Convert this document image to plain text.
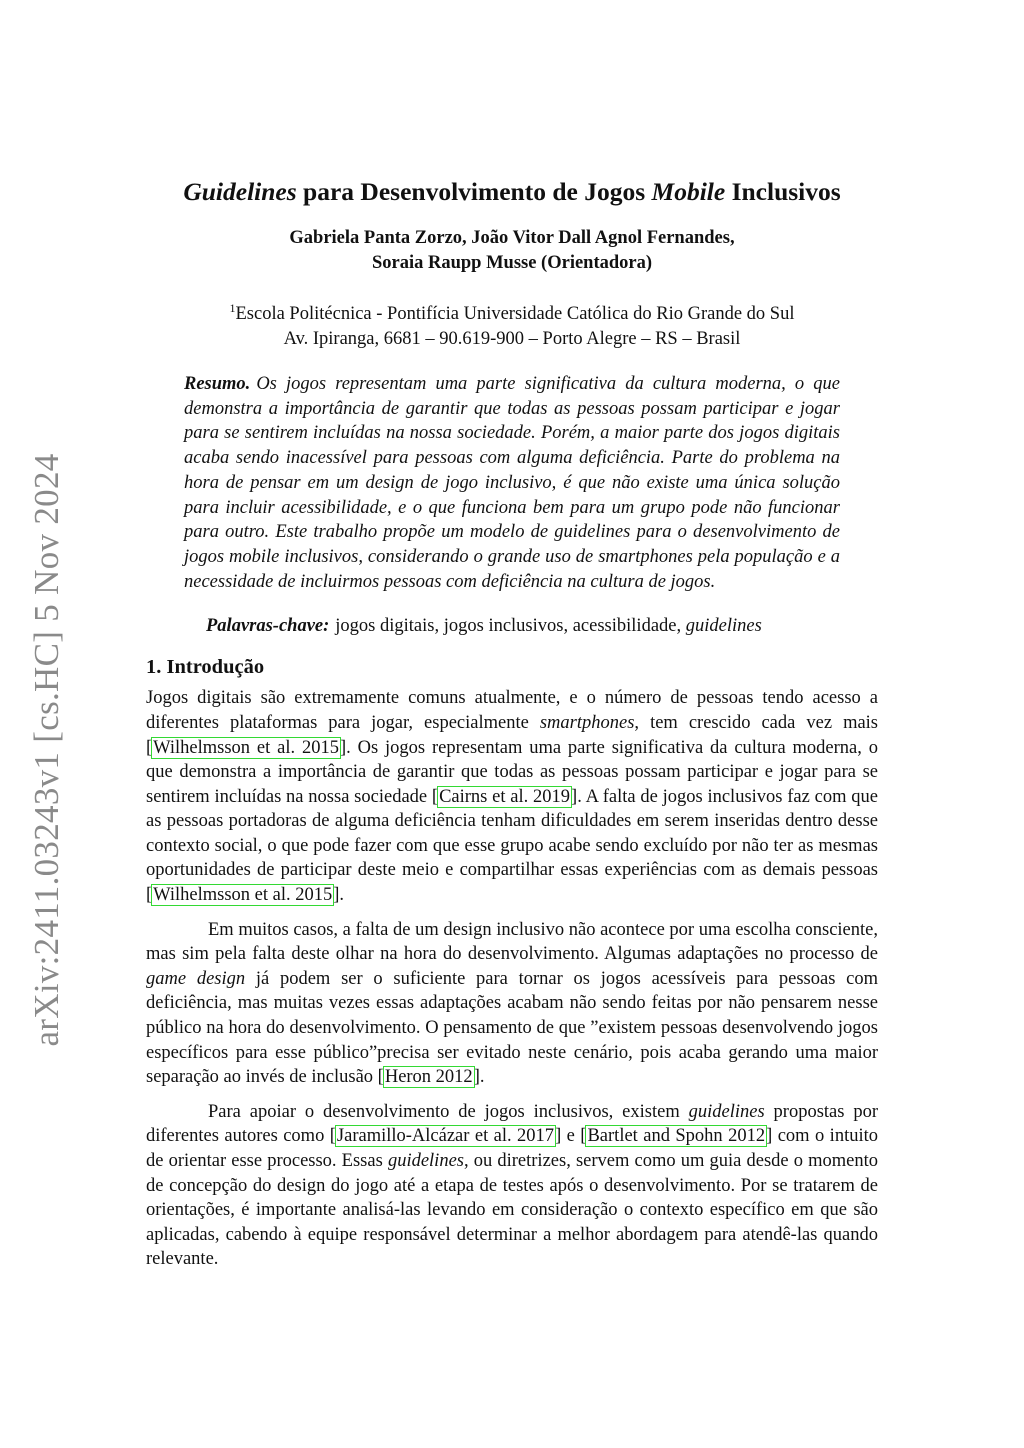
arXiv:2411.03243v1 [cs.HC] 5 Nov 2024
Guidelines para Desenvolvimento de Jogos Mobile Inclusivos
Gabriela Panta Zorzo, João Vitor Dall Agnol Fernandes,
Soraia Raupp Musse (Orientadora)
$^1$Escola Politécnica - Pontifícia Universidade Católica do Rio Grande do Sul
Av. Ipiranga, 6681 – 90.619-900 – Porto Alegre – RS – Brasil
Resumo. Os jogos representam uma parte significativa da cultura moderna, o que demonstra a importância de garantir que todas as pessoas possam participar e jogar para se sentirem incluídas na nossa sociedade. Porém, a maior parte dos jogos digitais acaba sendo inacessível para pessoas com alguma deficiência. Parte do problema na hora de pensar em um design de jogo inclusivo, é que não existe uma única solução para incluir acessibilidade, e o que funciona bem para um grupo pode não funcionar para outro. Este trabalho propõe um modelo de guidelines para o desenvolvimento de jogos mobile inclusivos, considerando o grande uso de smartphones pela população e a necessidade de incluirmos pessoas com deficiência na cultura de jogos.
Palavras-chave: jogos digitais, jogos inclusivos, acessibilidade, guidelines
1. Introdução

Jogos digitais são extremamente comuns atualmente, e o número de pessoas tendo acesso a diferentes plataformas para jogar, especialmente smartphones, tem crescido cada vez mais [Wilhelmsson et al. 2015]. Os jogos representam uma parte significativa da cultura moderna, o que demonstra a importância de garantir que todas as pessoas possam participar e jogar para se sentirem incluídas na nossa sociedade [Cairns et al. 2019]. A falta de jogos inclusivos faz com que as pessoas portadoras de alguma deficiência tenham dificuldades em serem inseridas dentro desse contexto social, o que pode fazer com que esse grupo acabe sendo excluído por não ter as mesmas oportunidades de participar deste meio e compartilhar essas experiências com as demais pessoas [Wilhelmsson et al. 2015].

Em muitos casos, a falta de um design inclusivo não acontece por uma escolha consciente, mas sim pela falta deste olhar na hora do desenvolvimento. Algumas adaptações no processo de game design já podem ser o suficiente para tornar os jogos acessíveis para pessoas com deficiência, mas muitas vezes essas adaptações acabam não sendo feitas por não pensarem nesse público na hora do desenvolvimento. O pensamento de que ”existem pessoas desenvolvendo jogos específicos para esse público”precisa ser evitado neste cenário, pois acaba gerando uma maior separação ao invés de inclusão [Heron 2012].

Para apoiar o desenvolvimento de jogos inclusivos, existem guidelines propostas por diferentes autores como [Jaramillo-Alcázar et al. 2017] e [Bartlet and Spohn 2012] com o intuito de orientar esse processo. Essas guidelines, ou diretrizes, servem como um guia desde o momento de concepção do design do jogo até a etapa de testes após o desenvolvimento. Por se tratarem de orientações, é importante analisá-las levando em consideração o contexto específico em que são aplicadas, cabendo à equipe responsável determinar a melhor abordagem para atendê-las quando relevante.
